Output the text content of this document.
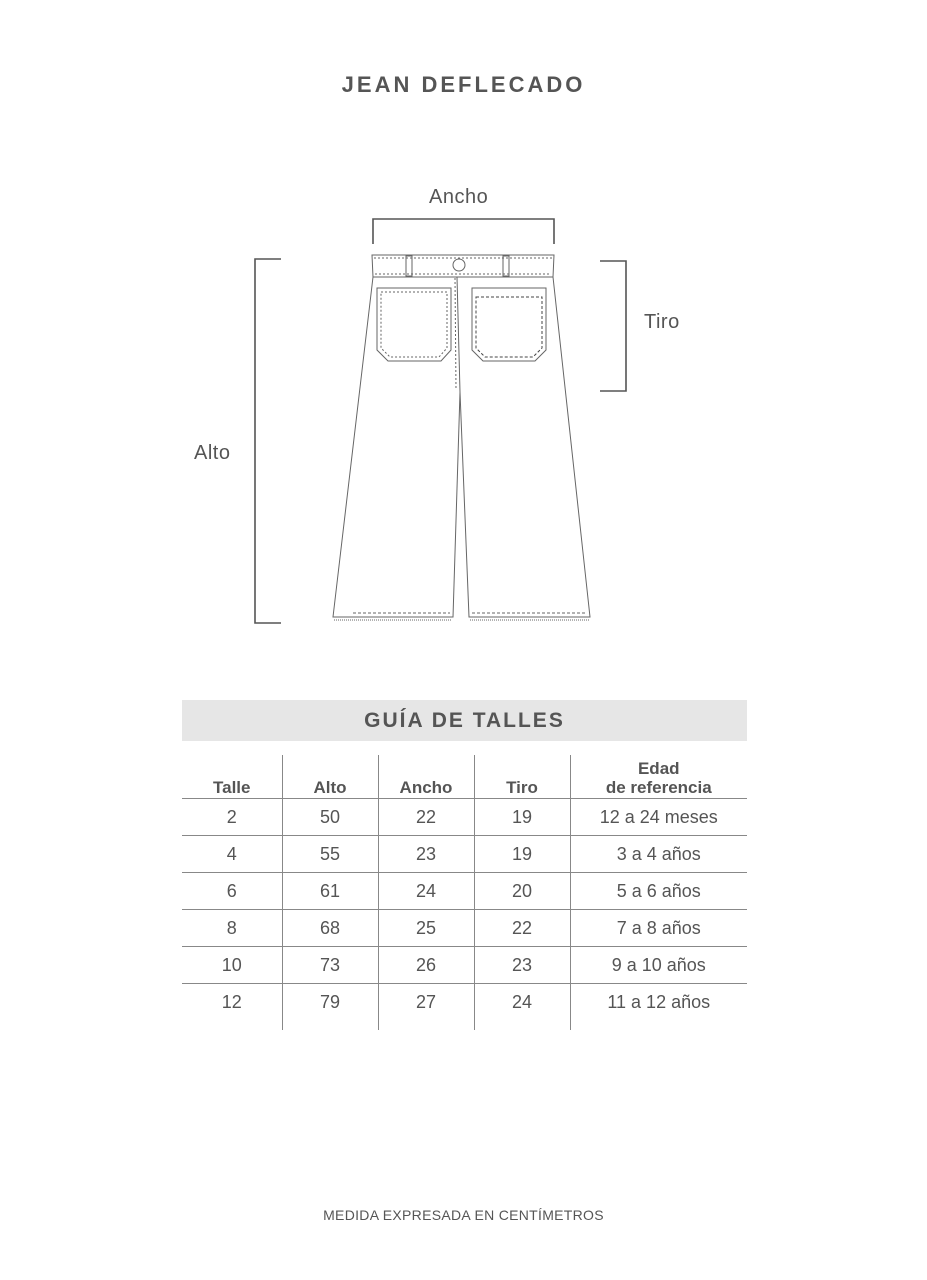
JEAN DEFLECADO
Ancho
Tiro
Alto
GUÍA DE TALLES
Talle	Alto	Ancho	Tiro	Edad
de referencia
2	50	22	19	12 a 24 meses
4	55	23	19	3 a 4 años
6	61	24	20	5 a 6 años
8	68	25	22	7 a 8 años
10	73	26	23	9 a 10 años
12	79	27	24	11 a 12 años
MEDIDA EXPRESADA EN CENTÍMETROS
